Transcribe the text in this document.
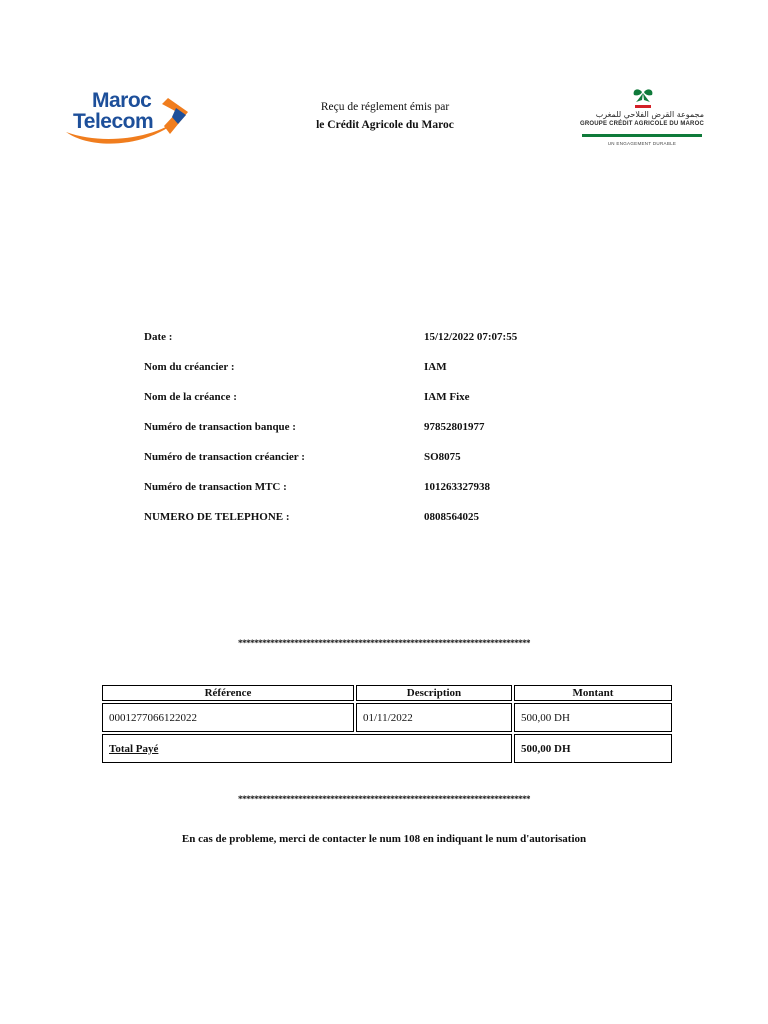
Maroc
Telecom
Reçu de réglement émis par
le Crédit Agricole du Maroc
مجموعة القرض الفلاحي للمغرب
GROUPE CRÉDIT AGRICOLE DU MAROC
UN ENGAGEMENT DURABLE
Date :	15/12/2022 07:07:55
Nom du créancier :	IAM
Nom de la créance :	IAM Fixe
Numéro de transaction banque :	97852801977
Numéro de transaction créancier :	SO8075
Numéro de transaction MTC :	101263327938
NUMERO DE TELEPHONE :	0808564025
*************************************************************************
Référence	Description	Montant
0001277066122022	01/11/2022	500,00 DH
Total Payé		500,00 DH
*************************************************************************
En cas de probleme, merci de contacter le num 108 en indiquant le num d'autorisation
